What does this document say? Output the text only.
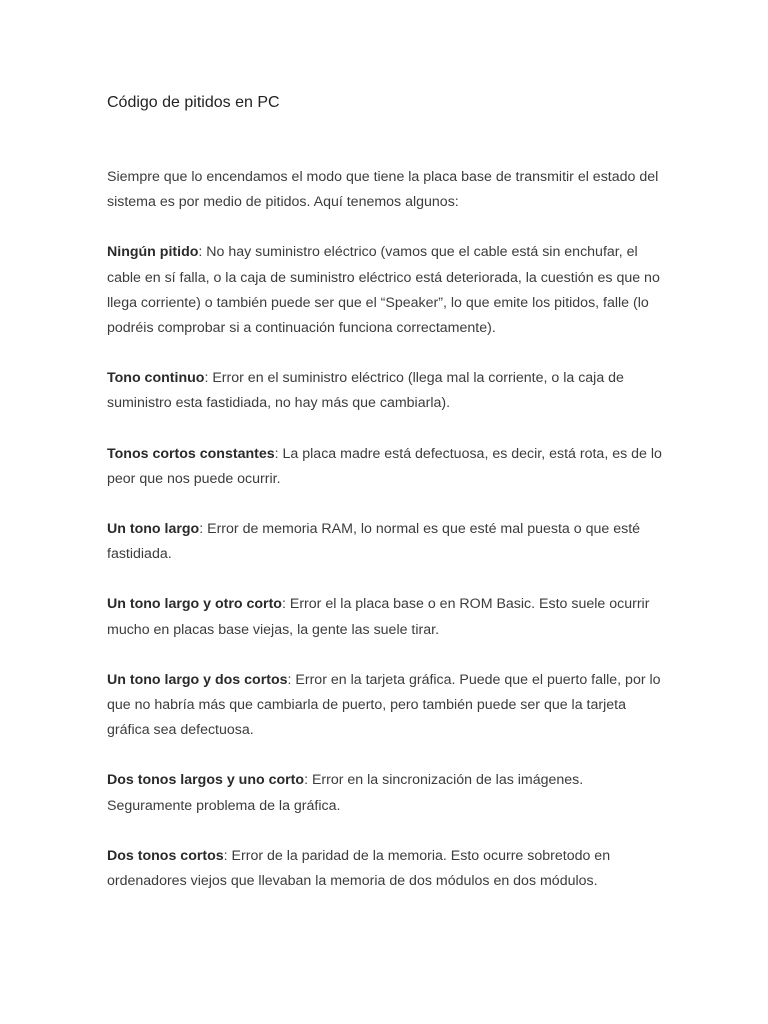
Código de pitidos en PC

Siempre que lo encendamos el modo que tiene la placa base de transmitir el estado del sistema es por medio de pitidos. Aquí tenemos algunos:

Ningún pitido: No hay suministro eléctrico (vamos que el cable está sin enchufar, el cable en sí falla, o la caja de suministro eléctrico está deteriorada, la cuestión es que no llega corriente) o también puede ser que el “Speaker”, lo que emite los pitidos, falle (lo podréis comprobar si a continuación funciona correctamente).

Tono continuo: Error en el suministro eléctrico (llega mal la corriente, o la caja de suministro esta fastidiada, no hay más que cambiarla).

Tonos cortos constantes: La placa madre está defectuosa, es decir, está rota, es de lo peor que nos puede ocurrir.

Un tono largo: Error de memoria RAM, lo normal es que esté mal puesta o que esté fastidiada.

Un tono largo y otro corto: Error el la placa base o en ROM Basic. Esto suele ocurrir mucho en placas base viejas, la gente las suele tirar.

Un tono largo y dos cortos: Error en la tarjeta gráfica. Puede que el puerto falle, por lo que no habría más que cambiarla de puerto, pero también puede ser que la tarjeta gráfica sea defectuosa.

Dos tonos largos y uno corto: Error en la sincronización de las imágenes. Seguramente problema de la gráfica.

Dos tonos cortos: Error de la paridad de la memoria. Esto ocurre sobretodo en ordenadores viejos que llevaban la memoria de dos módulos en dos módulos.
